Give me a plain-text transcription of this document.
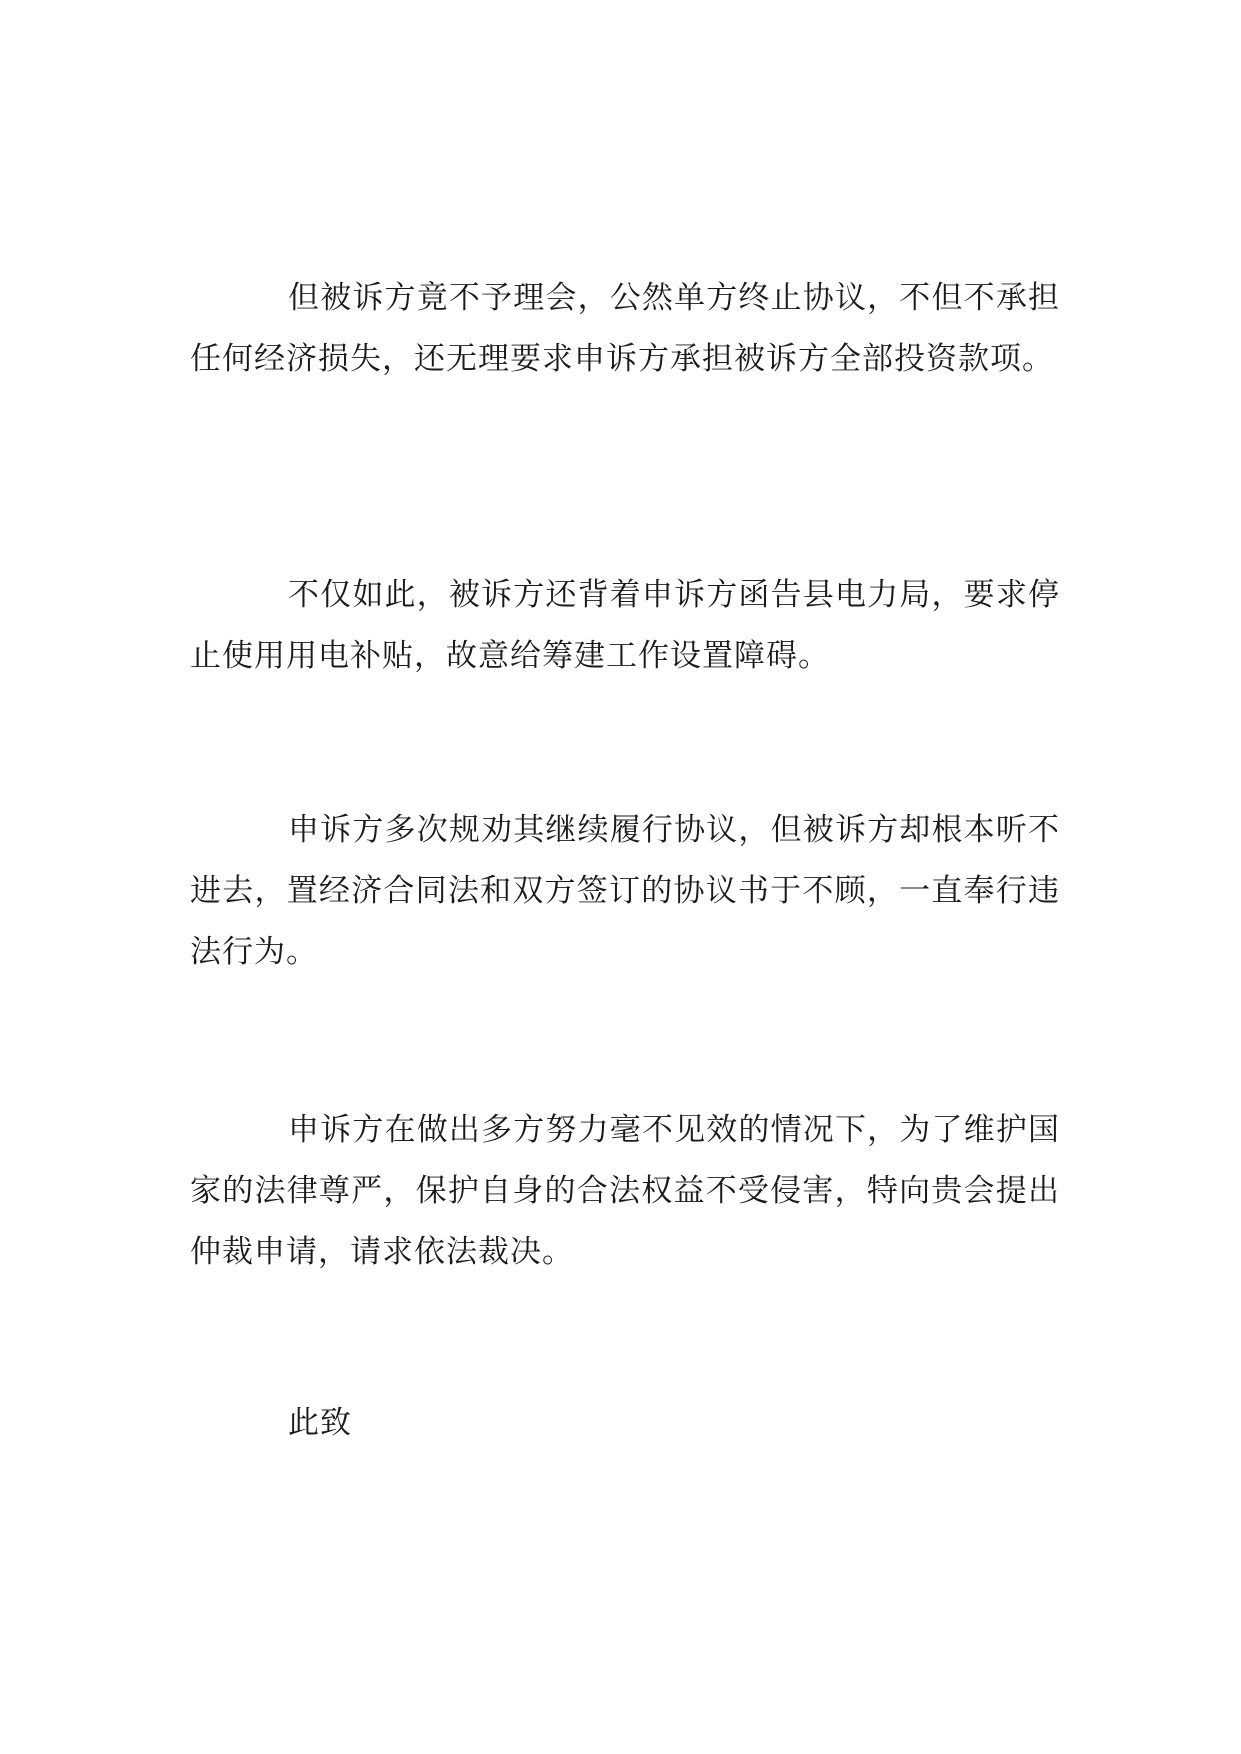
但被诉方竟不予理会，公然单方终止协议，不但不承担任何经济损失，还无理要求申诉方承担被诉方全部投资款项。

不仅如此，被诉方还背着申诉方函告县电力局，要求停止使用用电补贴，故意给筹建工作设置障碍。

申诉方多次规劝其继续履行协议，但被诉方却根本听不进去，置经济合同法和双方签订的协议书于不顾，一直奉行违法行为。

申诉方在做出多方努力毫不见效的情况下，为了维护国家的法律尊严，保护自身的合法权益不受侵害，特向贵会提出仲裁申请，请求依法裁决。

此致
